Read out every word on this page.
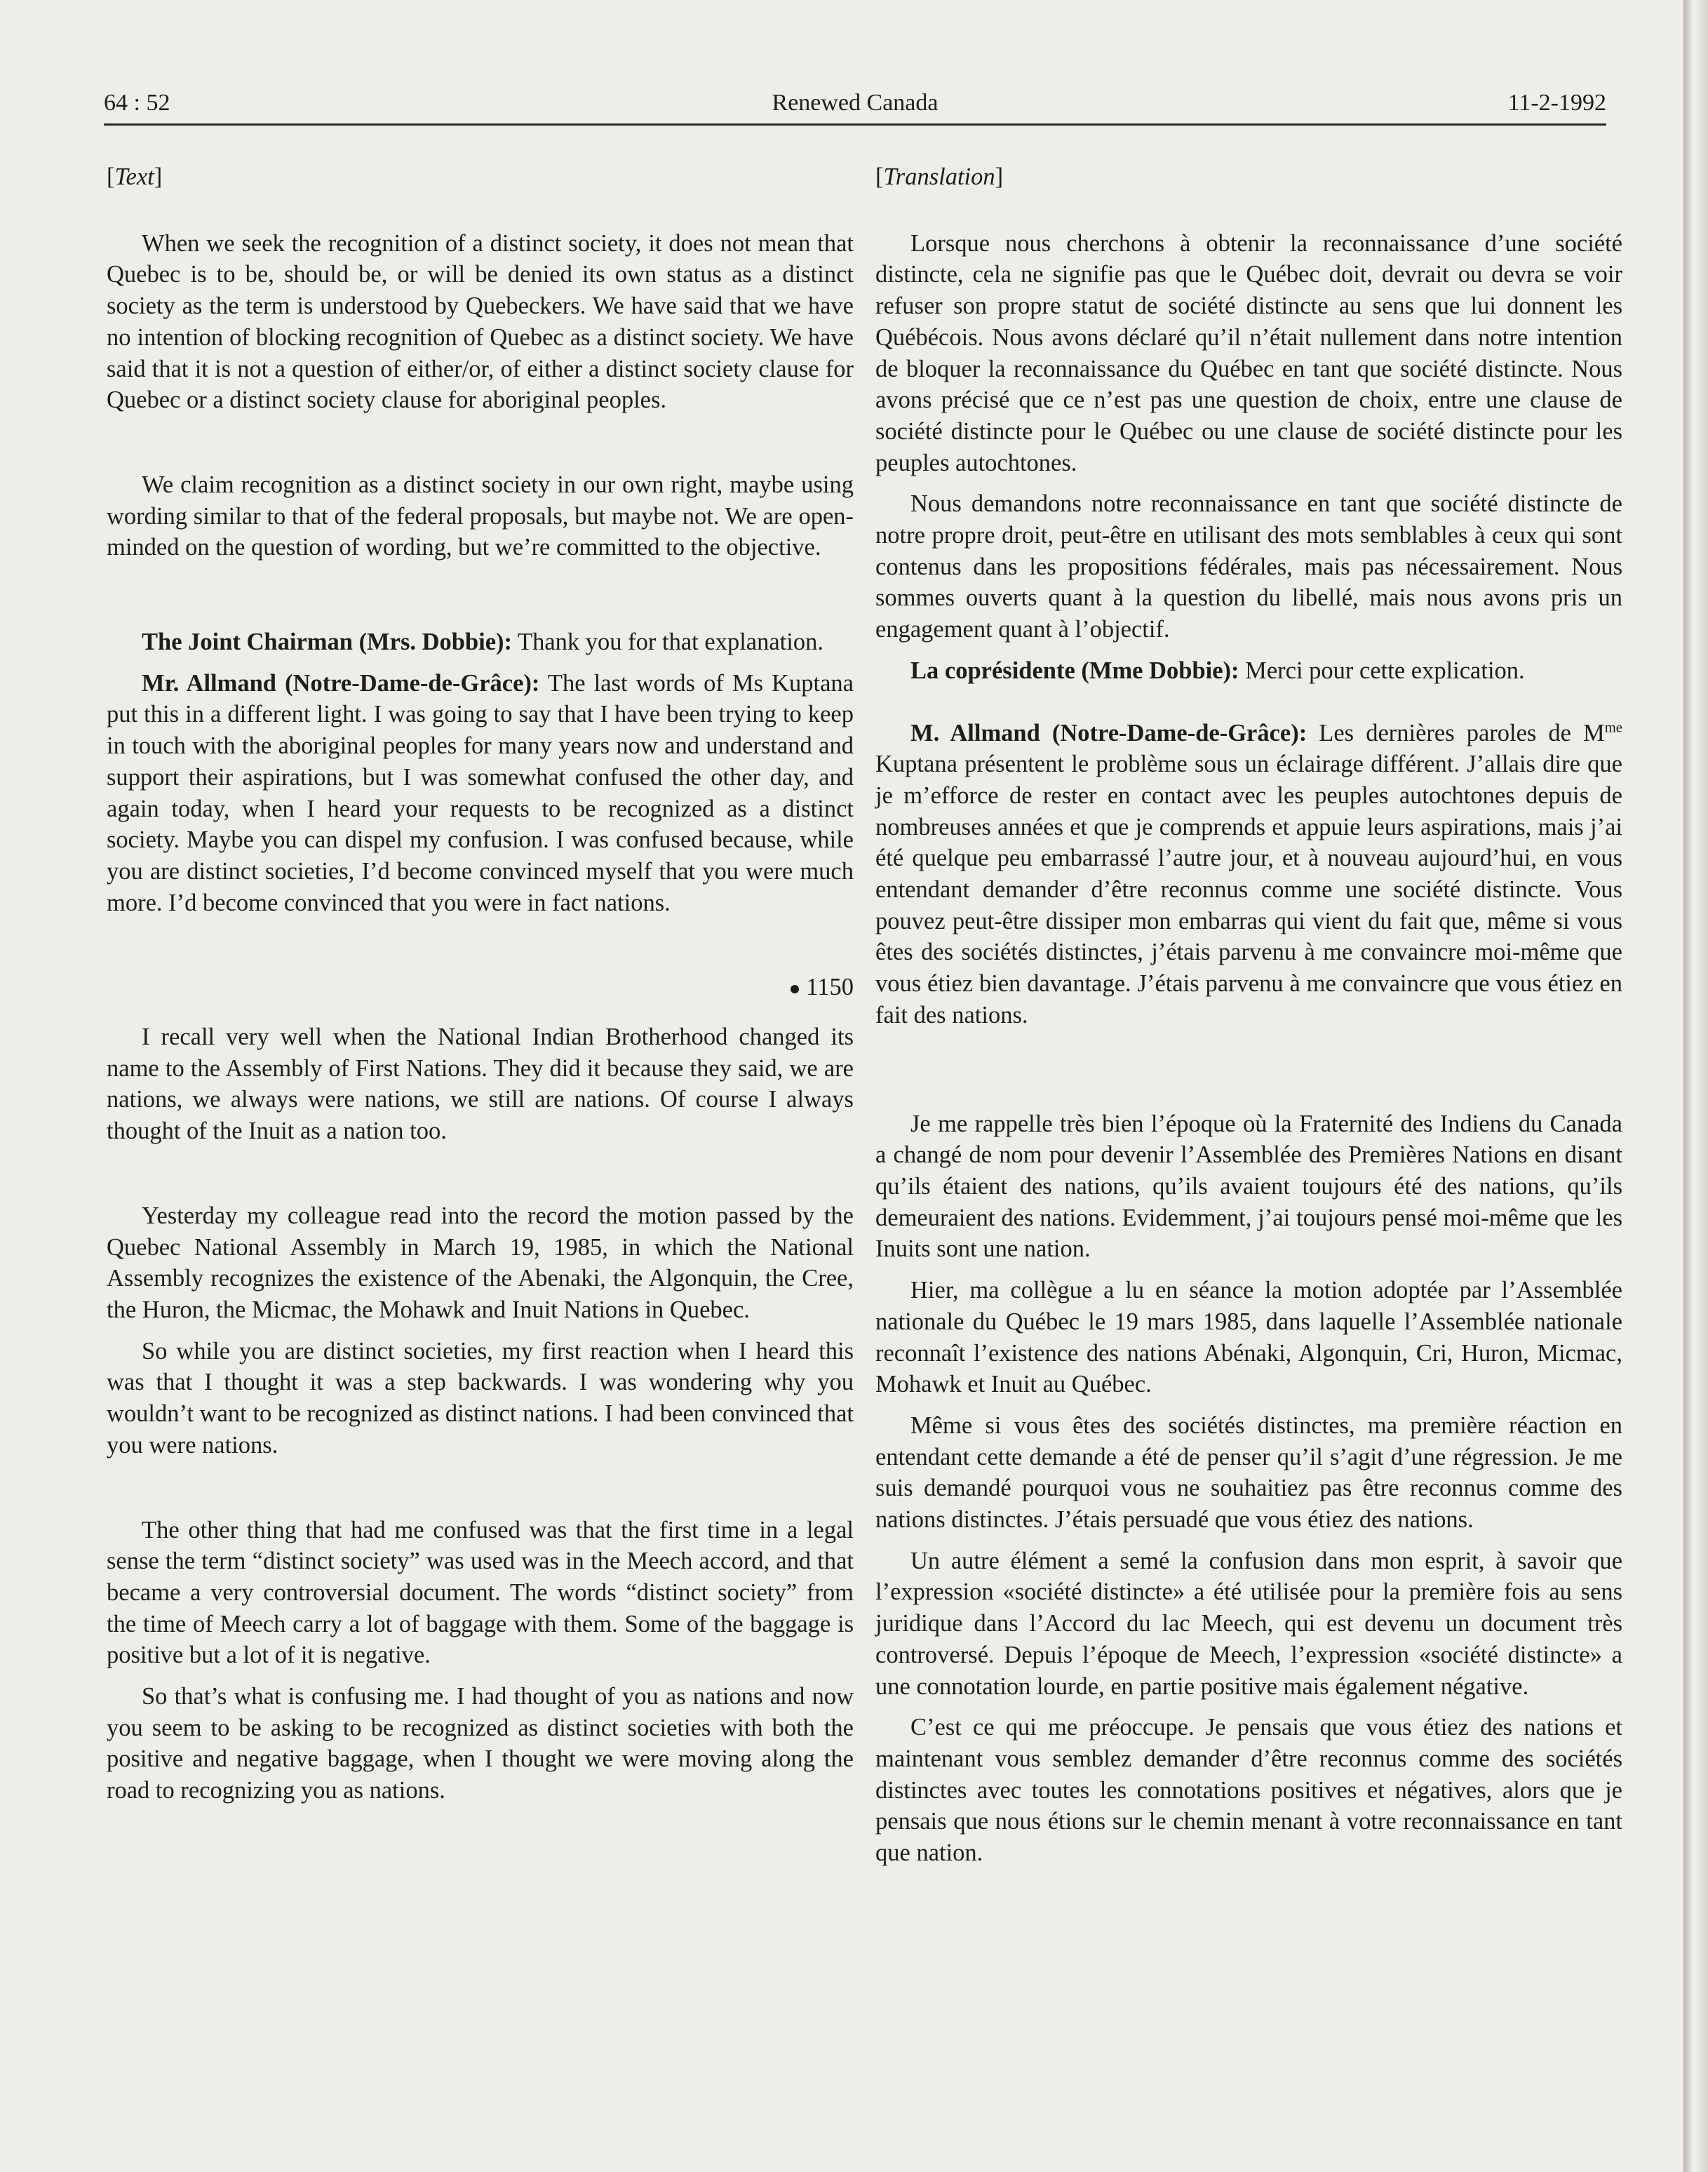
64 : 52	Renewed Canada	11-2-1992
[Text]

When we seek the recognition of a distinct society, it does not mean that Quebec is to be, should be, or will be denied its own status as a distinct society as the term is understood by Quebeckers. We have said that we have no intention of blocking recognition of Quebec as a distinct society. We have said that it is not a question of either/or, of either a distinct society clause for Quebec or a distinct society clause for aboriginal peoples.

We claim recognition as a distinct society in our own right, maybe using wording similar to that of the federal proposals, but maybe not. We are open-minded on the question of wording, but we’re committed to the objective.

The Joint Chairman (Mrs. Dobbie): Thank you for that explanation.

Mr. Allmand (Notre-Dame-de-Grâce): The last words of Ms Kuptana put this in a different light. I was going to say that I have been trying to keep in touch with the aboriginal peoples for many years now and understand and support their aspirations, but I was somewhat confused the other day, and again today, when I heard your requests to be recognized as a distinct society. Maybe you can dispel my confusion. I was confused because, while you are distinct societies, I’d become convinced myself that you were much more. I’d become convinced that you were in fact nations.

1150

I recall very well when the National Indian Brotherhood changed its name to the Assembly of First Nations. They did it because they said, we are nations, we always were nations, we still are nations. Of course I always thought of the Inuit as a nation too.

Yesterday my colleague read into the record the motion passed by the Quebec National Assembly in March 19, 1985, in which the National Assembly recognizes the existence of the Abenaki, the Algonquin, the Cree, the Huron, the Micmac, the Mohawk and Inuit Nations in Quebec.

So while you are distinct societies, my first reaction when I heard this was that I thought it was a step backwards. I was wondering why you wouldn’t want to be recognized as distinct nations. I had been convinced that you were nations.

The other thing that had me confused was that the first time in a legal sense the term “distinct society” was used was in the Meech accord, and that became a very controversial document. The words “distinct society” from the time of Meech carry a lot of baggage with them. Some of the baggage is positive but a lot of it is negative.

So that’s what is confusing me. I had thought of you as nations and now you seem to be asking to be recognized as distinct societies with both the positive and negative baggage, when I thought we were moving along the road to recognizing you as nations.

[Translation]

Lorsque nous cherchons à obtenir la reconnaissance d’une société distincte, cela ne signifie pas que le Québec doit, devrait ou devra se voir refuser son propre statut de société distincte au sens que lui donnent les Québécois. Nous avons déclaré qu’il n’était nullement dans notre intention de bloquer la reconnaissance du Québec en tant que société distincte. Nous avons précisé que ce n’est pas une question de choix, entre une clause de société distincte pour le Québec ou une clause de société distincte pour les peuples autochtones.

Nous demandons notre reconnaissance en tant que société distincte de notre propre droit, peut-être en utilisant des mots semblables à ceux qui sont contenus dans les propositions fédérales, mais pas nécessairement. Nous sommes ouverts quant à la question du libellé, mais nous avons pris un engagement quant à l’objectif.

La coprésidente (Mme Dobbie): Merci pour cette explication.

M. Allmand (Notre-Dame-de-Grâce): Les dernières paroles de $M^{me}$ Kuptana présentent le problème sous un éclairage différent. J’allais dire que je m’efforce de rester en contact avec les peuples autochtones depuis de nombreuses années et que je comprends et appuie leurs aspirations, mais j’ai été quelque peu embarrassé l’autre jour, et à nouveau aujourd’hui, en vous entendant demander d’être reconnus comme une société distincte. Vous pouvez peut-être dissiper mon embarras qui vient du fait que, même si vous êtes des sociétés distinctes, j’étais parvenu à me convaincre moi-même que vous étiez bien davantage. J’étais parvenu à me convaincre que vous étiez en fait des nations.

Je me rappelle très bien l’époque où la Fraternité des Indiens du Canada a changé de nom pour devenir l’Assemblée des Premières Nations en disant qu’ils étaient des nations, qu’ils avaient toujours été des nations, qu’ils demeuraient des nations. Evidemment, j’ai toujours pensé moi-même que les Inuits sont une nation.

Hier, ma collègue a lu en séance la motion adoptée par l’Assemblée nationale du Québec le 19 mars 1985, dans laquelle l’Assemblée nationale reconnaît l’existence des nations Abénaki, Algonquin, Cri, Huron, Micmac, Mohawk et Inuit au Québec.

Même si vous êtes des sociétés distinctes, ma première réaction en entendant cette demande a été de penser qu’il s’agit d’une régression. Je me suis demandé pourquoi vous ne souhaitiez pas être reconnus comme des nations distinctes. J’étais persuadé que vous étiez des nations.

Un autre élément a semé la confusion dans mon esprit, à savoir que l’expression «société distincte» a été utilisée pour la première fois au sens juridique dans l’Accord du lac Meech, qui est devenu un document très controversé. Depuis l’époque de Meech, l’expression «société distincte» a une connotation lourde, en partie positive mais également négative.

C’est ce qui me préoccupe. Je pensais que vous étiez des nations et maintenant vous semblez demander d’être reconnus comme des sociétés distinctes avec toutes les connotations positives et négatives, alors que je pensais que nous étions sur le chemin menant à votre reconnaissance en tant que nation.
